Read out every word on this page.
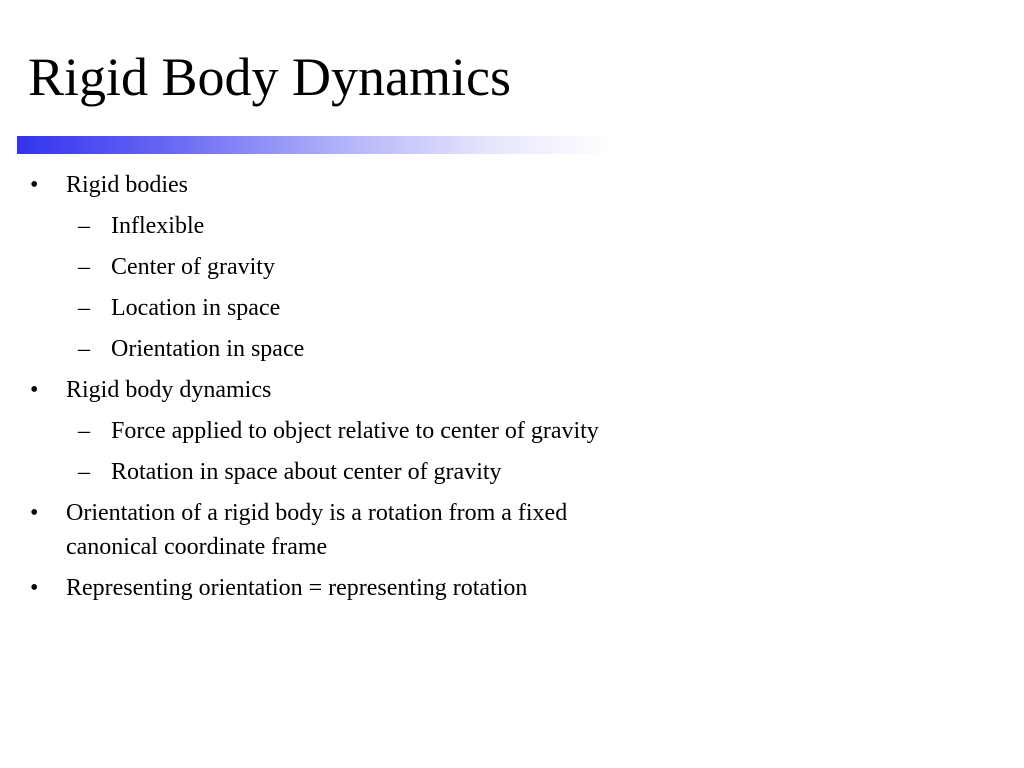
Rigid Body Dynamics
• Rigid bodies
– Inflexible
– Center of gravity
– Location in space
– Orientation in space
• Rigid body dynamics
– Force applied to object relative to center of gravity
– Rotation in space about center of gravity
• Orientation of a rigid body is a rotation from a fixed canonical coordinate frame
• Representing orientation = representing rotation
